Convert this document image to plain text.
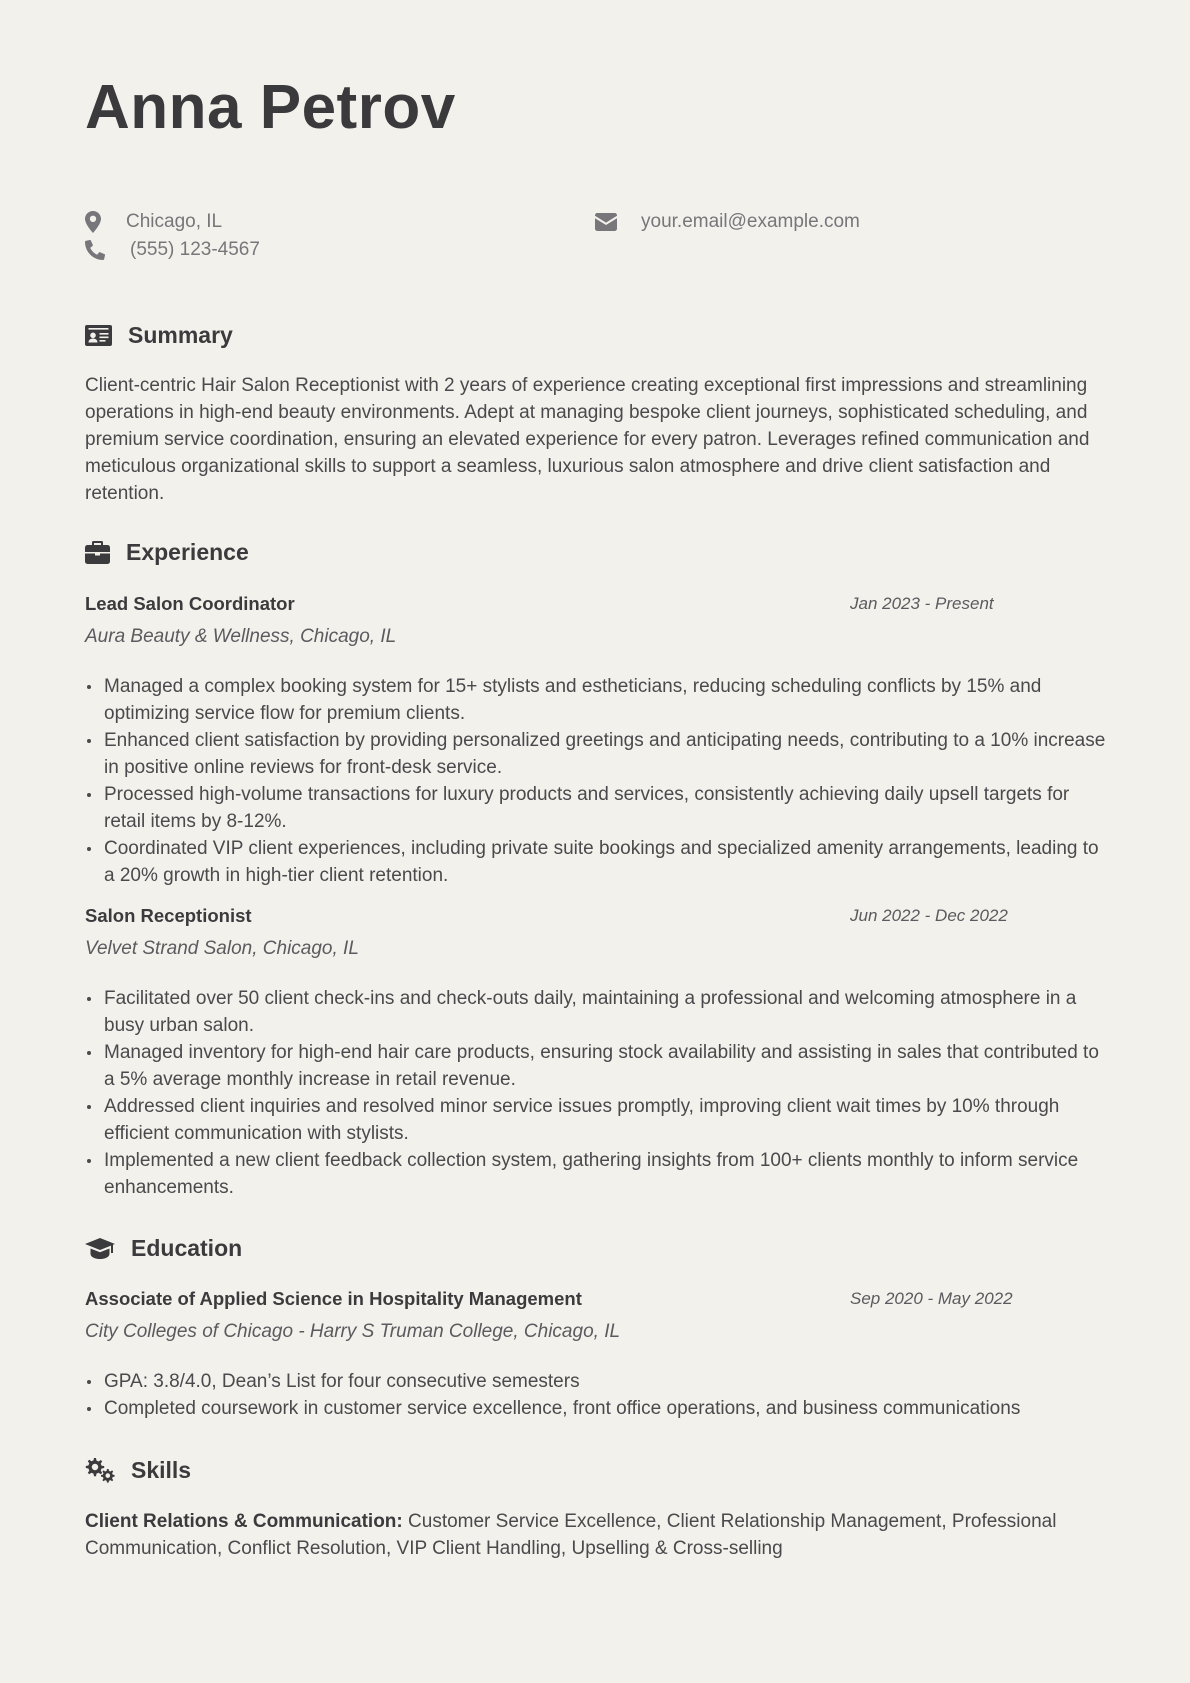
Anna Petrov
Chicago, IL	your.email@example.com
(555) 123-4567
Summary

Client-centric Hair Salon Receptionist with 2 years of experience creating exceptional first impressions and streamlining operations in high-end beauty environments. Adept at managing bespoke client journeys, sophisticated scheduling, and premium service coordination, ensuring an elevated experience for every patron. Leverages refined communication and meticulous organizational skills to support a seamless, luxurious salon atmosphere and drive client satisfaction and retention.

Experience
Lead Salon Coordinator	Jan 2023 - Present
Aura Beauty & Wellness, Chicago, IL
Managed a complex booking system for 15+ stylists and estheticians, reducing scheduling conflicts by 15% and optimizing service flow for premium clients.
Enhanced client satisfaction by providing personalized greetings and anticipating needs, contributing to a 10% increase in positive online reviews for front-desk service.
Processed high-volume transactions for luxury products and services, consistently achieving daily upsell targets for retail items by 8-12%.
Coordinated VIP client experiences, including private suite bookings and specialized amenity arrangements, leading to a 20% growth in high-tier client retention.
Salon Receptionist	Jun 2022 - Dec 2022
Velvet Strand Salon, Chicago, IL
Facilitated over 50 client check-ins and check-outs daily, maintaining a professional and welcoming atmosphere in a busy urban salon.
Managed inventory for high-end hair care products, ensuring stock availability and assisting in sales that contributed to a 5% average monthly increase in retail revenue.
Addressed client inquiries and resolved minor service issues promptly, improving client wait times by 10% through efficient communication with stylists.
Implemented a new client feedback collection system, gathering insights from 100+ clients monthly to inform service enhancements.
Education
Associate of Applied Science in Hospitality Management	Sep 2020 - May 2022
City Colleges of Chicago - Harry S Truman College, Chicago, IL
GPA: 3.8/4.0, Dean’s List for four consecutive semesters
Completed coursework in customer service excellence, front office operations, and business communications
Skills

Client Relations & Communication: Customer Service Excellence, Client Relationship Management, Professional Communication, Conflict Resolution, VIP Client Handling, Upselling & Cross-selling
